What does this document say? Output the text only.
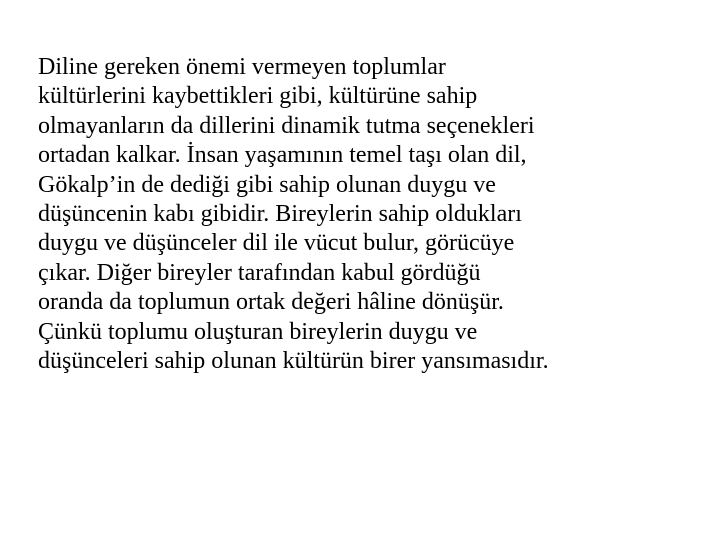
Diline gereken önemi vermeyen toplumlar
kültürlerini kaybettikleri gibi, kültürüne sahip
olmayanların da dillerini dinamik tutma seçenekleri
ortadan kalkar. İnsan yaşamının temel taşı olan dil,
Gökalp’in de dediği gibi sahip olunan duygu ve
düşüncenin kabı gibidir. Bireylerin sahip oldukları
duygu ve düşünceler dil ile vücut bulur, görücüye
çıkar. Diğer bireyler tarafından kabul gördüğü
oranda da toplumun ortak değeri hâline dönüşür.
Çünkü toplumu oluşturan bireylerin duygu ve
düşünceleri sahip olunan kültürün birer yansımasıdır.
